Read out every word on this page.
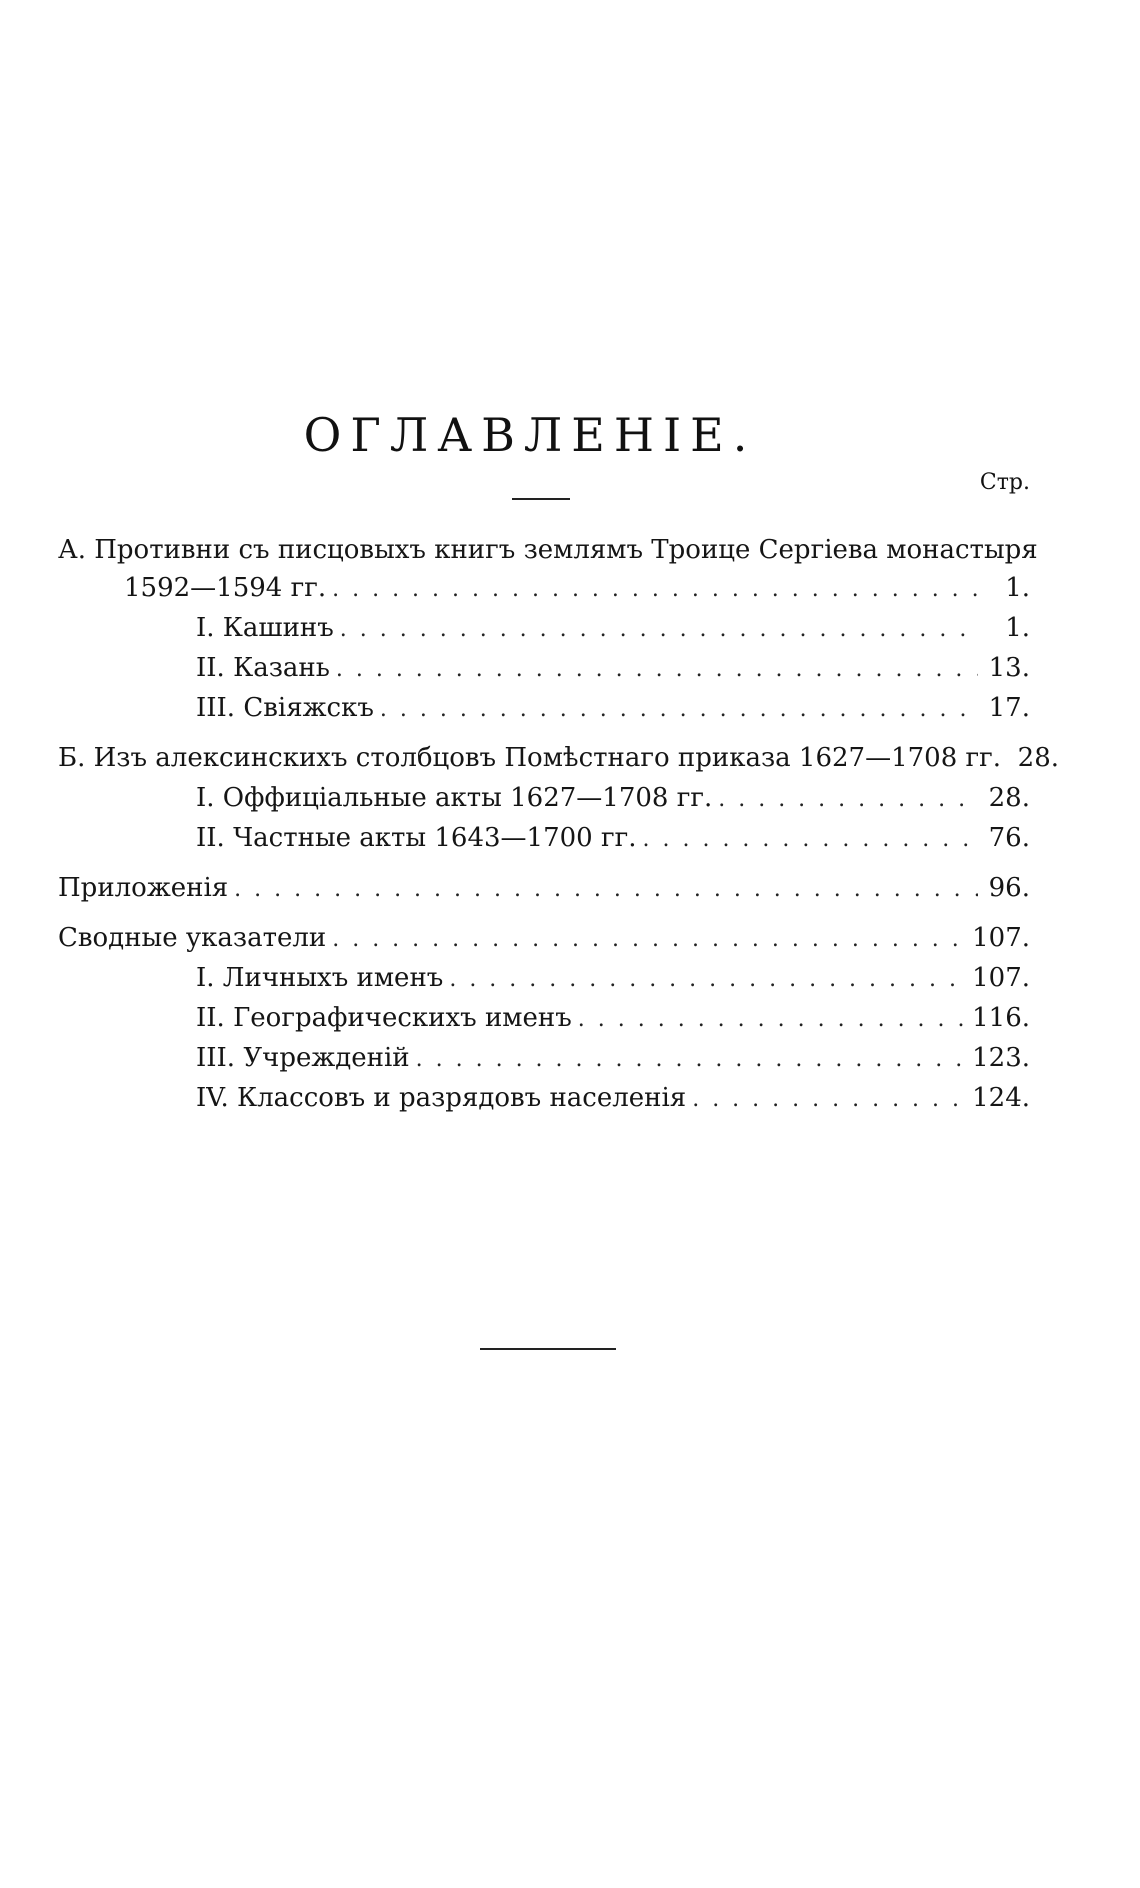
ОГЛАВЛЕНІЕ.
Стр.
А. Противни съ писцовыхъ книгъ землямъ Троице Сергіева монастыря
1592—1594 гг. . . .	1.
I. Кашинъ . . .	1.
II. Казань . . .	13.
III. Свіяжскъ . . .	17.
Б. Изъ алексинскихъ столбцовъ Помѣстнаго приказа 1627—1708 гг. 28.
I. Оффиціальные акты 1627—1708 гг. . . .	28.
II. Частные акты 1643—1700 гг. . . .	76.
Приложенія . . .	96.
Сводные указатели . . .	107.
I. Личныхъ именъ . . .	107.
II. Географическихъ именъ . . .	116.
III. Учрежденій . . .	123.
IV. Классовъ и разрядовъ населенія . . .	124.
